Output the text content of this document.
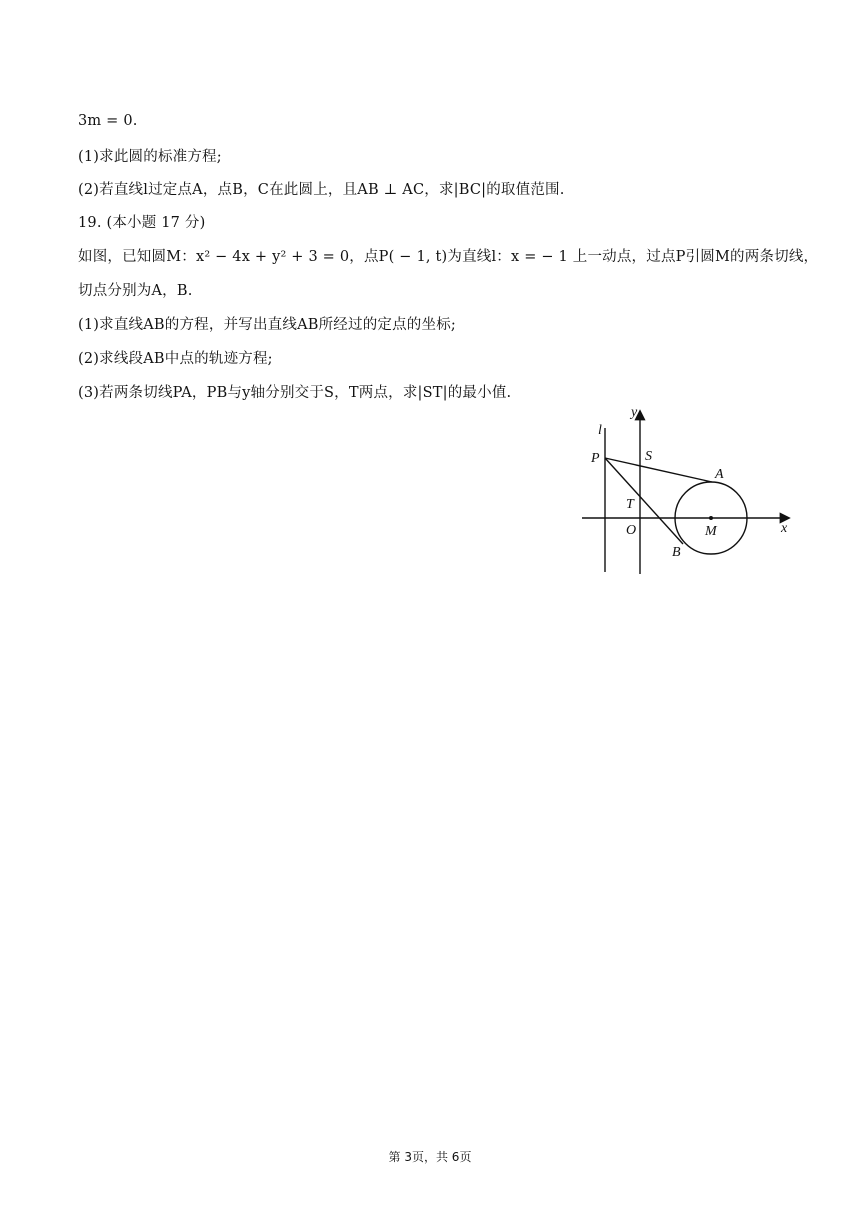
3m = 0.
(1)求此圆的标准方程;
(2)若直线l过定点A，点B，C在此圆上，且AB ⊥ AC，求|BC|的取值范围.
19. (本小题 17 分)
如图，已知圆M：x² − 4x + y² + 3 = 0，点P( − 1, t)为直线l：x = − 1 上一动点，过点P引圆M的两条切线，
切点分别为A，B.
(1)求直线AB的方程，并写出直线AB所经过的定点的坐标;
(2)求线段AB中点的轨迹方程;
(3)若两条切线PA，PB与y轴分别交于S，T两点，求|ST|的最小值.
y
x
l
P	S
A
T
O	M
B
第 3页，共 6页
